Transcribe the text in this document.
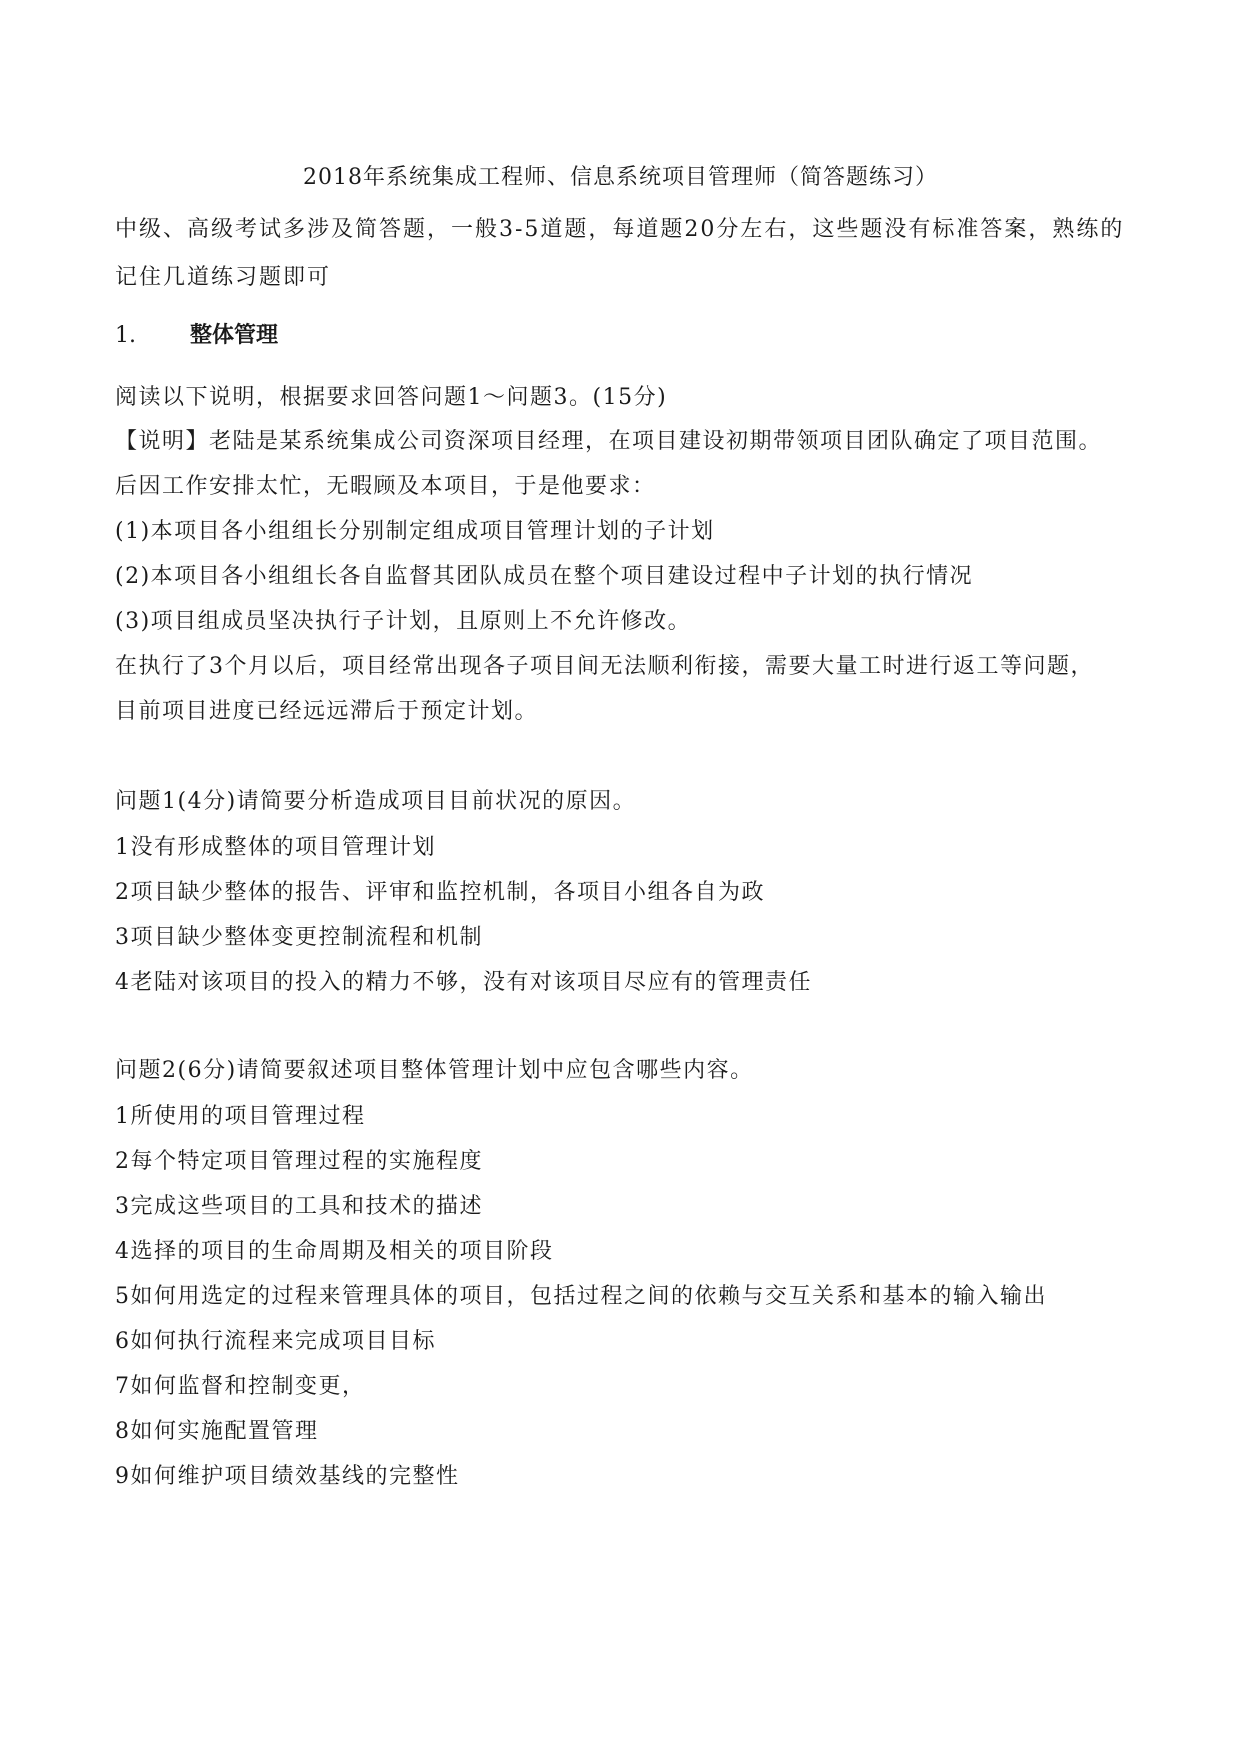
2018年系统集成工程师、信息系统项目管理师（简答题练习）

中级、高级考试多涉及简答题，一般3-5道题，每道题20分左右，这些题没有标准答案，熟练的记住几道练习题即可

1. 整体管理

阅读以下说明，根据要求回答问题1～问题3。(15分)

【说明】老陆是某系统集成公司资深项目经理，在项目建设初期带领项目团队确定了项目范围。

后因工作安排太忙，无暇顾及本项目，于是他要求：

(1)本项目各小组组长分别制定组成项目管理计划的子计划

(2)本项目各小组组长各自监督其团队成员在整个项目建设过程中子计划的执行情况

(3)项目组成员坚决执行子计划，且原则上不允许修改。

在执行了3个月以后，项目经常出现各子项目间无法顺利衔接，需要大量工时进行返工等问题，

目前项目进度已经远远滞后于预定计划。

问题1(4分)请简要分析造成项目目前状况的原因。

1没有形成整体的项目管理计划

2项目缺少整体的报告、评审和监控机制，各项目小组各自为政

3项目缺少整体变更控制流程和机制

4老陆对该项目的投入的精力不够，没有对该项目尽应有的管理责任

问题2(6分)请简要叙述项目整体管理计划中应包含哪些内容。

1所使用的项目管理过程

2每个特定项目管理过程的实施程度

3完成这些项目的工具和技术的描述

4选择的项目的生命周期及相关的项目阶段

5如何用选定的过程来管理具体的项目，包括过程之间的依赖与交互关系和基本的输入输出

6如何执行流程来完成项目目标

7如何监督和控制变更，

8如何实施配置管理

9如何维护项目绩效基线的完整性
